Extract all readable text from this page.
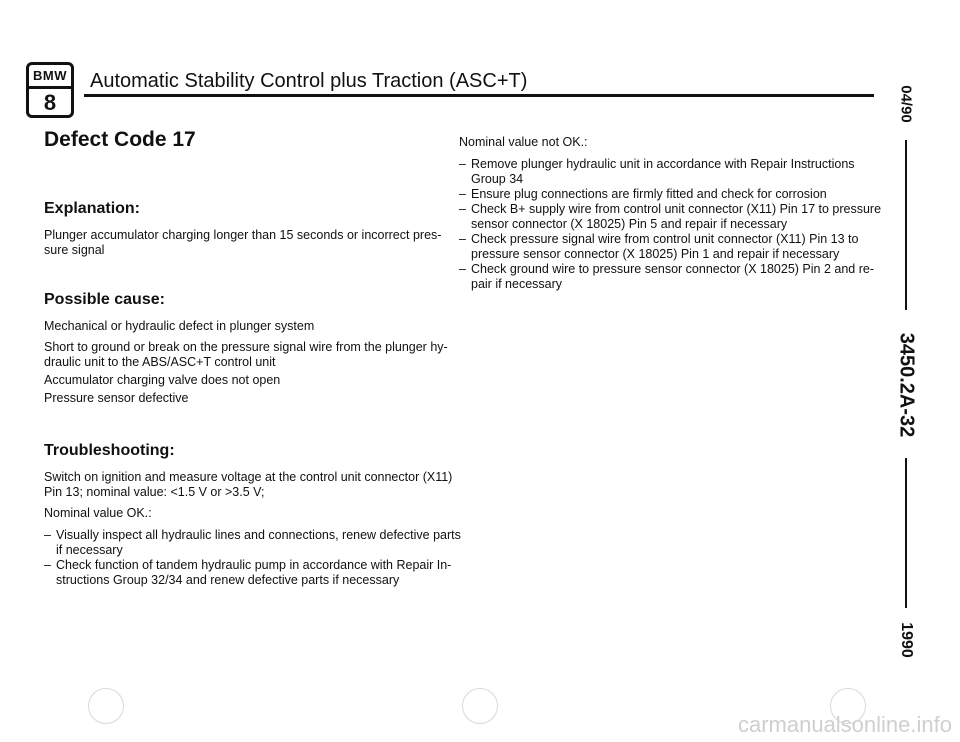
BMW
8
Automatic Stability Control plus Traction (ASC+T)
04/90
3450.2A-32
1990
Defect Code 17
Explanation:

Plunger accumulator charging longer than 15 seconds or incorrect pres-
sure signal

Possible cause:

Mechanical or hydraulic defect in plunger system

Short to ground or break on the pressure signal wire from the plunger hy-
draulic unit to the ABS/ASC+T control unit

Accumulator charging valve does not open

Pressure sensor defective

Troubleshooting:

Switch on ignition and measure voltage at the control unit connector (X11)
Pin 13; nominal value: <1.5 V or >3.5 V;

Nominal value OK.:

– Visually inspect all hydraulic lines and connections, renew defective parts
if necessary
– Check function of tandem hydraulic pump in accordance with Repair In-
structions Group 32/34 and renew defective parts if necessary

Nominal value not OK.:

– Remove plunger hydraulic unit in accordance with Repair Instructions
Group 34
– Ensure plug connections are firmly fitted and check for corrosion
– Check B+ supply wire from control unit connector (X11) Pin 17 to pressure
sensor connector (X 18025) Pin 5 and repair if necessary
– Check pressure signal wire from control unit connector (X11) Pin 13 to
pressure sensor connector (X 18025) Pin 1 and repair if necessary
– Check ground wire to pressure sensor connector (X 18025) Pin 2 and re-
pair if necessary
carmanualsonline.info
